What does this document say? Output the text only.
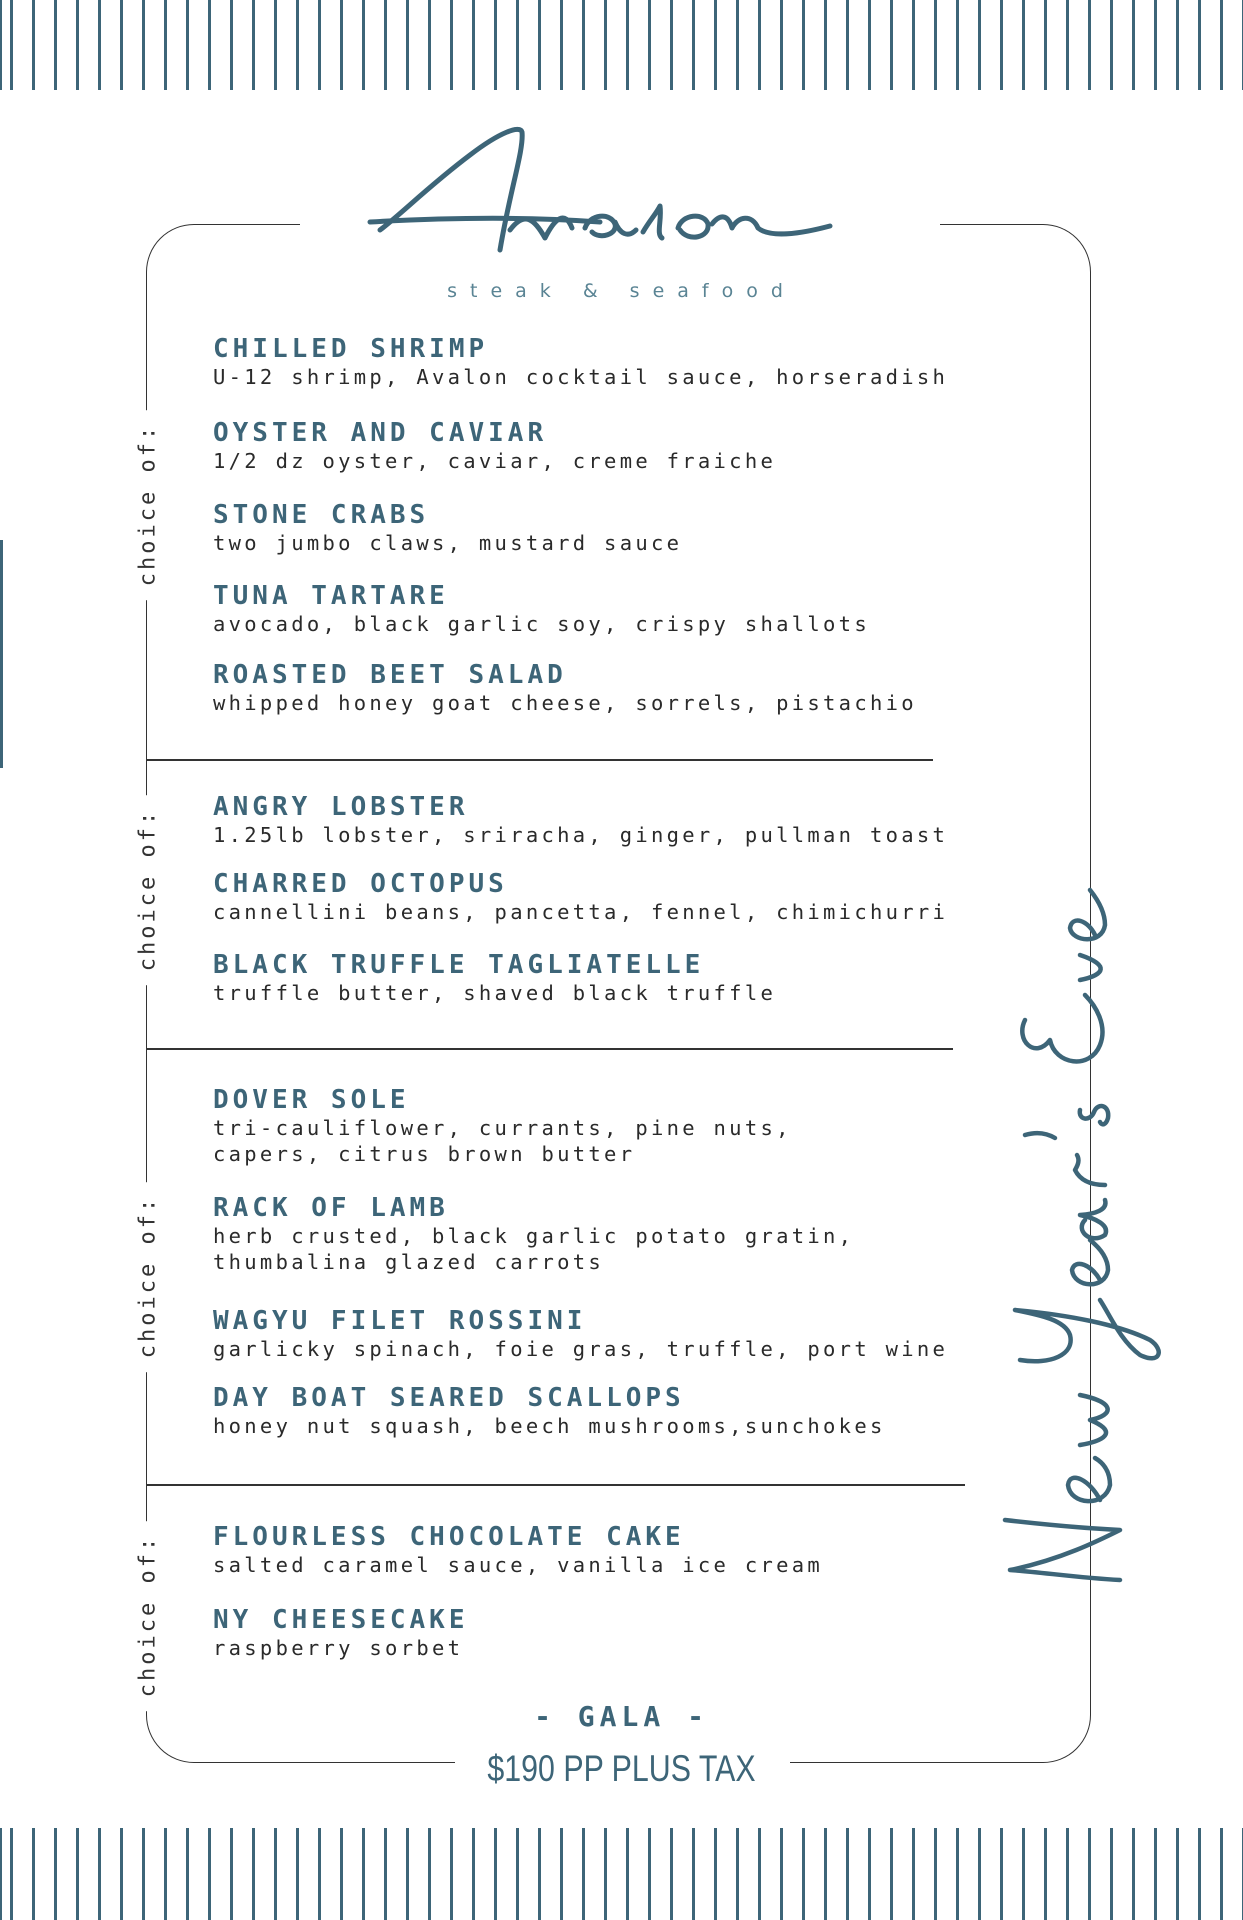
steak & seafood
choice of:
choice of:
choice of:
choice of:
CHILLED SHRIMP
U-12 shrimp, Avalon cocktail sauce, horseradish
OYSTER AND CAVIAR
1/2 dz oyster, caviar, creme fraiche
STONE CRABS
two jumbo claws, mustard sauce
TUNA TARTARE
avocado, black garlic soy, crispy shallots
ROASTED BEET SALAD
whipped honey goat cheese, sorrels, pistachio
ANGRY LOBSTER
1.25lb lobster, sriracha, ginger, pullman toast
CHARRED OCTOPUS
cannellini beans, pancetta, fennel, chimichurri
BLACK TRUFFLE TAGLIATELLE
truffle butter, shaved black truffle
DOVER SOLE
tri-cauliflower, currants, pine nuts,
capers, citrus brown butter
RACK OF LAMB
herb crusted, black garlic potato gratin,
thumbalina glazed carrots
WAGYU FILET ROSSINI
garlicky spinach, foie gras, truffle, port wine
DAY BOAT SEARED SCALLOPS
honey nut squash, beech mushrooms,sunchokes
FLOURLESS CHOCOLATE CAKE
salted caramel sauce, vanilla ice cream
NY CHEESECAKE
raspberry sorbet
- GALA -
$190 PP PLUS TAX
